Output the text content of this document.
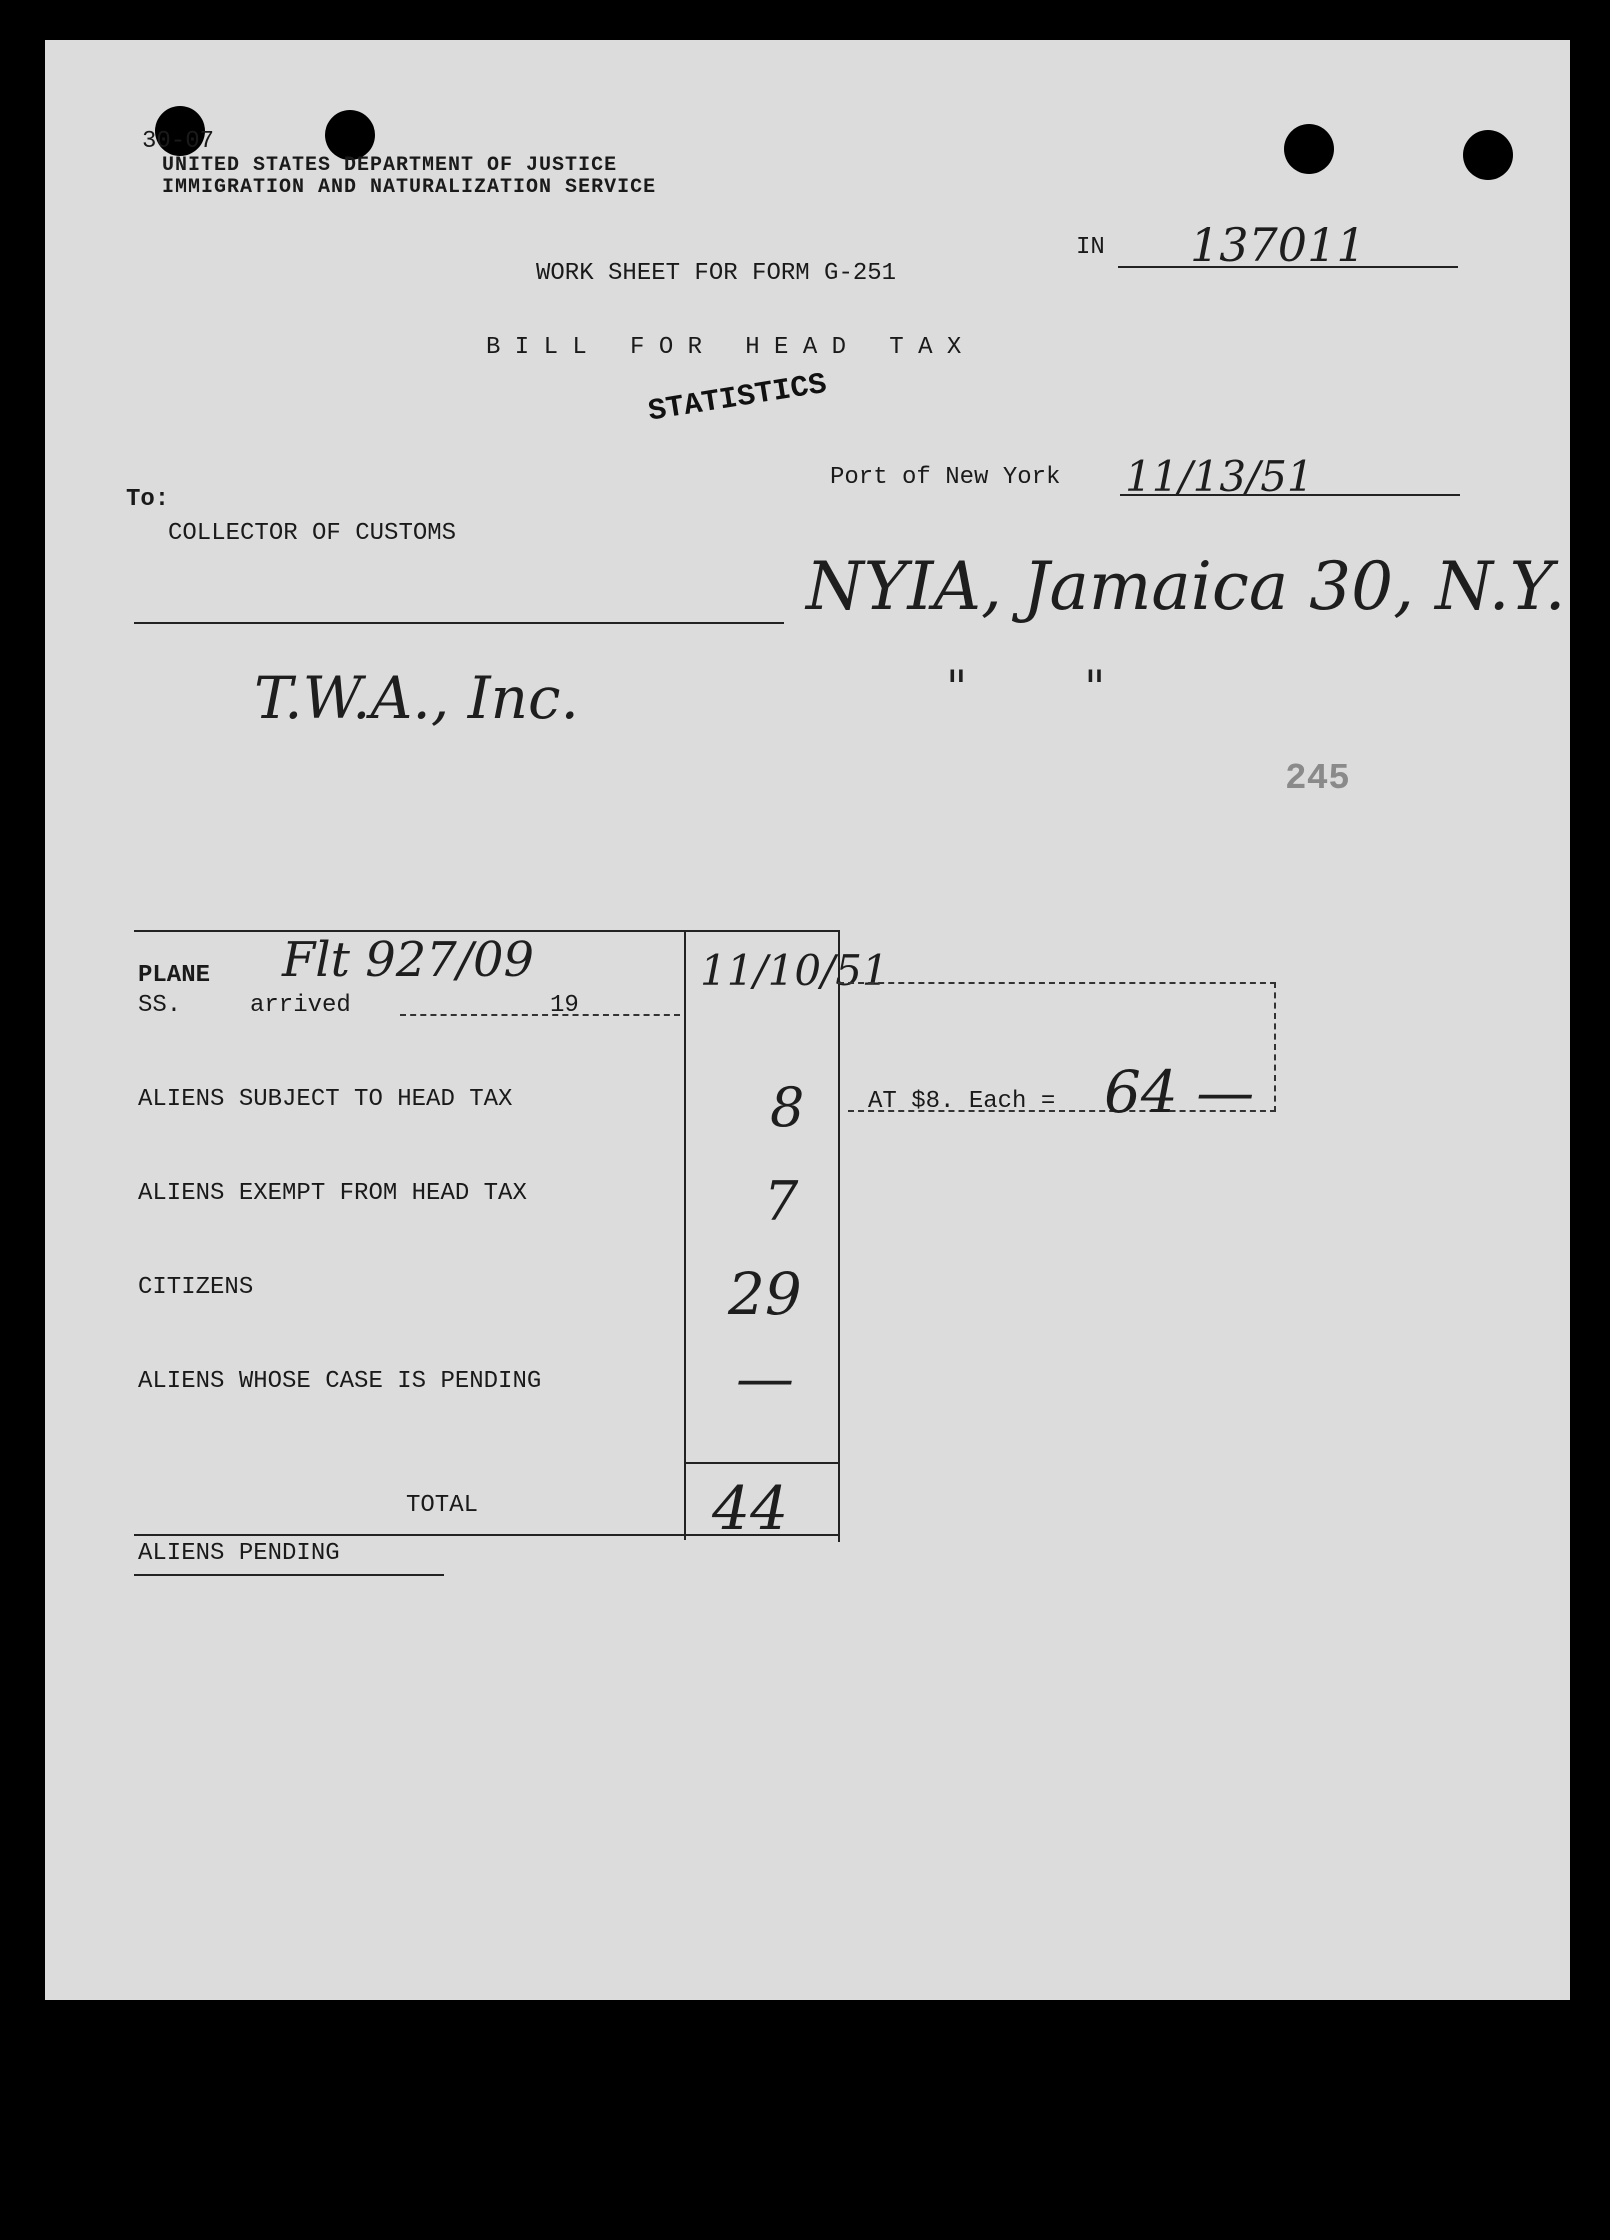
30-07
UNITED STATES DEPARTMENT OF JUSTICE
IMMIGRATION AND NATURALIZATION SERVICE
IN 137011
WORK SHEET FOR FORM G-251
B I L L   F O R   H E A D   T A X
STATISTICS
To:
COLLECTOR OF CUSTOMS
Port of New York 11/13/51
NYIA, Jamaica 30, N.Y.
T.W.A., Inc.	"        "
245
PLANE
SS.	arrived	19
Flt 927/09	11/10/51
ALIENS SUBJECT TO HEAD TAX	8	AT $8. Each = 64 —
ALIENS EXEMPT FROM HEAD TAX	7
CITIZENS	29
ALIENS WHOSE CASE IS PENDING	—
TOTAL	44
ALIENS PENDING
